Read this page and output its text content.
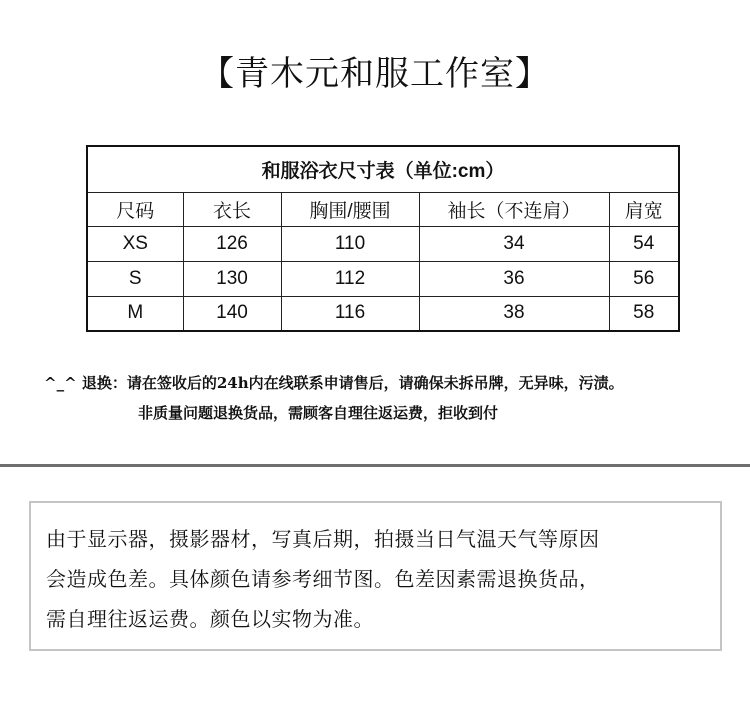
【青木元和服工作室】
和服浴衣尺寸表（单位:cm）				
尺码	衣长	胸围/腰围	袖长（不连肩）	肩宽
XS	126	110	34	54
S	130	112	36	56
M	140	116	38	58
^_^ 退换：请在签收后的24h内在线联系申请售后，请确保未拆吊牌，无异味，污渍。
非质量问题退换货品，需顾客自理往返运费，拒收到付

由于显示器，摄影器材，写真后期，拍摄当日气温天气等原因

会造成色差。具体颜色请参考细节图。色差因素需退换货品，

需自理往返运费。颜色以实物为准。
